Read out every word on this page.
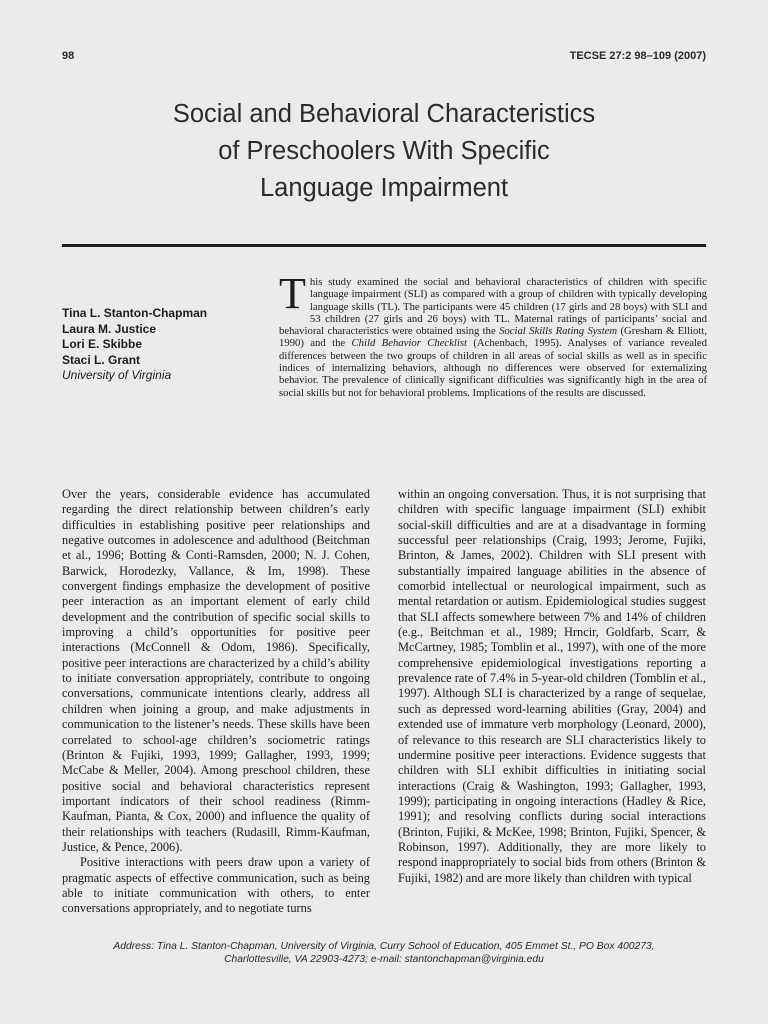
98	TECSE 27:2 98–109 (2007)
Social and Behavioral Characteristics
of Preschoolers With Specific
Language Impairment
Tina L. Stanton-Chapman
Laura M. Justice
Lori E. Skibbe
Staci L. Grant
University of Virginia

This study examined the social and behavioral characteristics of children with specific language impairment (SLI) as compared with a group of children with typically developing language skills (TL). The participants were 45 children (17 girls and 28 boys) with SLI and 53 children (27 girls and 26 boys) with TL. Maternal ratings of participants’ social and behavioral characteristics were obtained using the Social Skills Rating System (Gresham & Elliott, 1990) and the Child Behavior Checklist (Achenbach, 1995). Analyses of variance revealed differences between the two groups of children in all areas of social skills as well as in specific indices of internalizing behaviors, although no differences were observed for externalizing behavior. The prevalence of clinically significant difficulties was significantly high in the area of social skills but not for behavioral problems. Implications of the results are discussed.

Over the years, considerable evidence has accumulated regarding the direct relationship between children’s early difficulties in establishing positive peer relationships and negative outcomes in adolescence and adulthood (Beitchman et al., 1996; Botting & Conti-Ramsden, 2000; N. J. Cohen, Barwick, Horodezky, Vallance, & Im, 1998). These convergent findings emphasize the development of positive peer interaction as an important element of early child development and the contribution of specific social skills to improving a child’s opportunities for positive peer interactions (McConnell & Odom, 1986). Specifically, positive peer interactions are characterized by a child’s ability to initiate conversation appropriately, contribute to ongoing conversations, communicate intentions clearly, address all children when joining a group, and make adjustments in communication to the listener’s needs. These skills have been correlated to school-age children’s sociometric ratings (Brinton & Fujiki, 1993, 1999; Gallagher, 1993, 1999; McCabe & Meller, 2004). Among preschool children, these positive social and behavioral characteristics represent important indicators of their school readiness (Rimm-Kaufman, Pianta, & Cox, 2000) and influence the quality of their relationships with teachers (Rudasill, Rimm-Kaufman, Justice, & Pence, 2006).

Positive interactions with peers draw upon a variety of pragmatic aspects of effective communication, such as being able to initiate communication with others, to enter conversations appropriately, and to negotiate turns

within an ongoing conversation. Thus, it is not surprising that children with specific language impairment (SLI) exhibit social-skill difficulties and are at a disadvantage in forming successful peer relationships (Craig, 1993; Jerome, Fujiki, Brinton, & James, 2002). Children with SLI present with substantially impaired language abilities in the absence of comorbid intellectual or neurological impairment, such as mental retardation or autism. Epidemiological studies suggest that SLI affects somewhere between 7% and 14% of children (e.g., Beitchman et al., 1989; Hrncir, Goldfarb, Scarr, & McCartney, 1985; Tomblin et al., 1997), with one of the more comprehensive epidemiological investigations reporting a prevalence rate of 7.4% in 5-year-old children (Tomblin et al., 1997). Although SLI is characterized by a range of sequelae, such as depressed word-learning abilities (Gray, 2004) and extended use of immature verb morphology (Leonard, 2000), of relevance to this research are SLI characteristics likely to undermine positive peer interactions. Evidence suggests that children with SLI exhibit difficulties in initiating social interactions (Craig & Washington, 1993; Gallagher, 1993, 1999); participating in ongoing interactions (Hadley & Rice, 1991); and resolving conflicts during social interactions (Brinton, Fujiki, & McKee, 1998; Brinton, Fujiki, Spencer, & Robinson, 1997). Additionally, they are more likely to respond inappropriately to social bids from others (Brinton & Fujiki, 1982) and are more likely than children with typical

Address: Tina L. Stanton-Chapman, University of Virginia, Curry School of Education, 405 Emmet St., PO Box 400273,
Charlottesville, VA 22903-4273; e-mail: stantonchapman@virginia.edu
